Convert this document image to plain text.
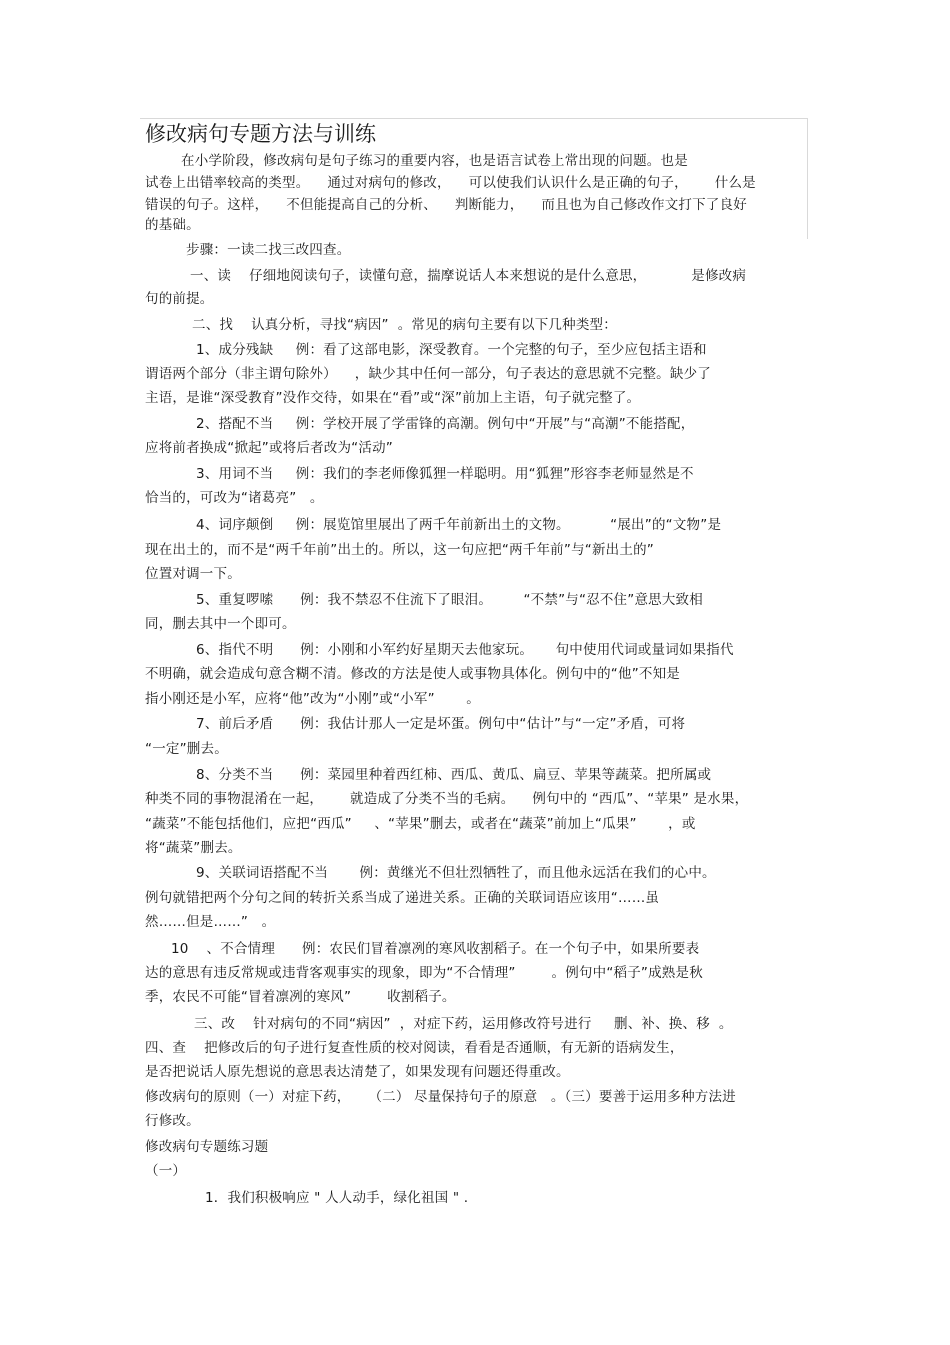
修改病句专题方法与训练
在小学阶段，修改病句是句子练习的重要内容，也是语言试卷上常出现的问题。也是
试卷上出错率较高的类型。    通过对病句的修改，    可以使我们认识什么是正确的句子，      什么是
错误的句子。这样，    不但能提高自己的分析、    判断能力，    而且也为自己修改作文打下了良好
的基础。
步骤：一读二找三改四查。
一、读    仔细地阅读句子，读懂句意，揣摩说话人本来想说的是什么意思，          是修改病
句的前提。
二、找    认真分析，寻找“病因”  。常见的病句主要有以下几种类型：
1、成分残缺     例：看了这部电影，深受教育。一个完整的句子，至少应包括主语和
谓语两个部分（非主谓句除外）    ，缺少其中任何一部分，句子表达的意思就不完整。缺少了
主语，是谁“深受教育”没作交待，如果在“看”或“深”前加上主语，句子就完整了。
2、搭配不当     例：学校开展了学雷锋的高潮。例句中“开展”与“高潮”不能搭配，
应将前者换成“掀起”或将后者改为“活动”
3、用词不当     例：我们的李老师像狐狸一样聪明。用“狐狸”形容李老师显然是不
恰当的，可改为“诸葛亮”   。
4、词序颠倒     例：展览馆里展出了两千年前新出土的文物。         “展出”的“文物”是
现在出土的，而不是“两千年前”出土的。所以，这一句应把“两千年前”与“新出土的”
位置对调一下。
5、重复啰嗦      例：我不禁忍不住流下了眼泪。       “不禁”与“忍不住”意思大致相
同，删去其中一个即可。
6、指代不明      例：小刚和小军约好星期天去他家玩。     句中使用代词或量词如果指代
不明确，就会造成句意含糊不清。修改的方法是使人或事物具体化。例句中的“他”不知是
指小刚还是小军，应将“他”改为“小刚”或“小军”       。
7、前后矛盾      例：我估计那人一定是坏蛋。例句中“估计”与“一定”矛盾，可将
“一定”删去。
8、分类不当      例：菜园里种着西红柿、西瓜、黄瓜、扁豆、苹果等蔬菜。把所属或
种类不同的事物混淆在一起，      就造成了分类不当的毛病。    例句中的 “西瓜”、“苹果” 是水果，
“蔬菜”不能包括他们，应把“西瓜”     、“苹果”删去，或者在“蔬菜”前加上“瓜果”       ，或
将“蔬菜”删去。
9、关联词语搭配不当       例：黄继光不但壮烈牺牲了，而且他永远活在我们的心中。
例句就错把两个分句之间的转折关系当成了递进关系。正确的关联词语应该用“……虽
然……但是……”   。
10    、不合情理      例：农民们冒着凛冽的寒风收割稻子。在一个句子中，如果所要表
达的意思有违反常规或违背客观事实的现象，即为“不合情理”        。例句中“稻子”成熟是秋
季，农民不可能“冒着凛冽的寒风”        收割稻子。
三、改    针对病句的不同“病因”  ，对症下药，运用修改符号进行     删、补、换、移  。
四、查    把修改后的句子进行复查性质的校对阅读，看看是否通顺，有无新的语病发生，
是否把说话人原先想说的意思表达清楚了，如果发现有问题还得重改。
修改病句的原则（一）对症下药，    （二） 尽量保持句子的原意   。（三）要善于运用多种方法进
行修改。
修改病句专题练习题
（一）
1．我们积极响应 " 人人动手，绿化祖国 " .
